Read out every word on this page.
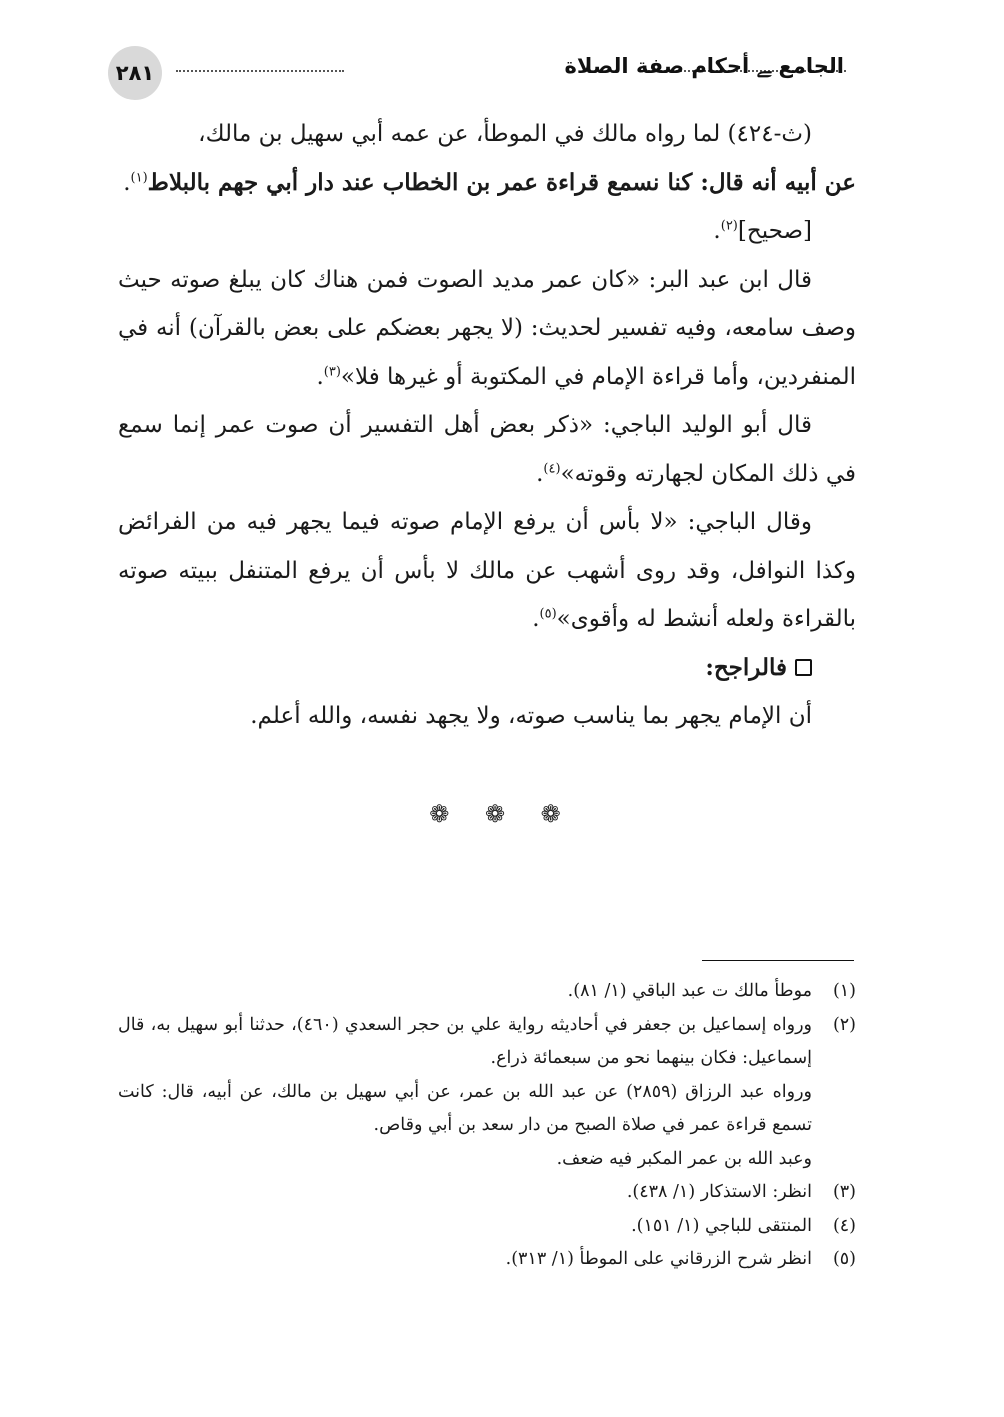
٢٨١	الجامع ﮯ أحكام صفة الصلاة

(ث-٤٢٤) لما رواه مالك في الموطأ، عن عمه أبي سهيل بن مالك،
عن أبيه أنه قال: كنا نسمع قراءة عمر بن الخطاب عند دار أبي جهم بالبلاط$^{(١)}$.

[صحيح]$^{(٢)}$.

قال ابن عبد البر: «كان عمر مديد الصوت فمن هناك كان يبلغ صوته حيث وصف سامعه، وفيه تفسير لحديث: (لا يجهر بعضكم على بعض بالقرآن) أنه في المنفردين، وأما قراءة الإمام في المكتوبة أو غيرها فلا»$^{(٣)}$.

قال أبو الوليد الباجي: «ذكر بعض أهل التفسير أن صوت عمر إنما سمع في ذلك المكان لجهارته وقوته»$^{(٤)}$.

وقال الباجي: «لا بأس أن يرفع الإمام صوته فيما يجهر فيه من الفرائض وكذا النوافل، وقد روى أشهب عن مالك لا بأس أن يرفع المتنفل ببيته صوته بالقراءة ولعله أنشط له وأقوى»$^{(٥)}$.

فالراجح:

أن الإمام يجهر بما يناسب صوته، ولا يجهد نفسه، والله أعلم.

❁ ❁ ❁
(١)

موطأ مالك ت عبد الباقي (١/ ٨١).

(٢)

ورواه إسماعيل بن جعفر في أحاديثه رواية علي بن حجر السعدي (٤٦٠)، حدثنا أبو سهيل به، قال إسماعيل: فكان بينهما نحو من سبعمائة ذراع.

ورواه عبد الرزاق (٢٨٥٩) عن عبد الله بن عمر، عن أبي سهيل بن مالك، عن أبيه، قال: كانت تسمع قراءة عمر في صلاة الصبح من دار سعد بن أبي وقاص.

وعبد الله بن عمر المكبر فيه ضعف.

(٣)

انظر: الاستذكار (١/ ٤٣٨).

(٤)

المنتقى للباجي (١/ ١٥١).

(٥)

انظر شرح الزرقاني على الموطأ (١/ ٣١٣).
